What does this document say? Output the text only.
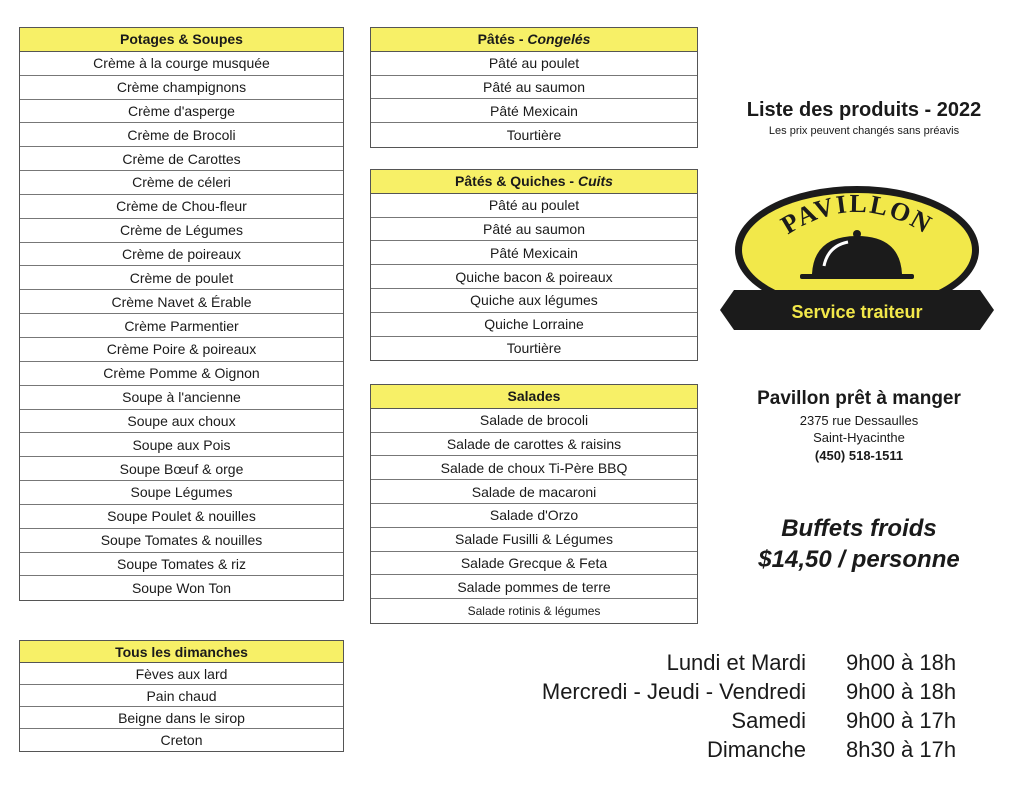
Potages & Soupes
Crème à la courge musquée
Crème champignons
Crème d'asperge
Crème de Brocoli
Crème de Carottes
Crème de céleri
Crème de Chou-fleur
Crème de Légumes
Crème de poireaux
Crème de poulet
Crème Navet & Érable
Crème Parmentier
Crème Poire & poireaux
Crème Pomme & Oignon
Soupe à l'ancienne
Soupe aux choux
Soupe aux Pois
Soupe Bœuf & orge
Soupe Légumes
Soupe Poulet & nouilles
Soupe Tomates & nouilles
Soupe Tomates & riz
Soupe Won Ton
Pâtés -
Congelés
Pâté au poulet
Pâté au saumon
Pâté Mexicain
Tourtière
Pâtés & Quiches -
Cuits
Pâté au poulet
Pâté au saumon
Pâté Mexicain
Quiche bacon & poireaux
Quiche aux légumes
Quiche Lorraine
Tourtière
Salades
Salade de brocoli
Salade de carottes & raisins
Salade de choux Ti-Père BBQ
Salade de macaroni
Salade d'Orzo
Salade Fusilli & Légumes
Salade Grecque & Feta
Salade pommes de terre
Salade rotinis & légumes
Tous les dimanches
Fèves aux lard
Pain chaud
Beigne dans le sirop
Creton
Liste des produits - 2022
Les prix peuvent changés sans préavis
PAVILLON
Service traiteur
Pavillon prêt à manger
2375 rue Dessaulles
Saint-Hyacinthe
(450) 518-1511
Buffets froids
$14,50 / personne
Lundi et Mardi	9h00 à 18h
Mercredi - Jeudi - Vendredi	9h00 à 18h
Samedi	9h00 à 17h
Dimanche	8h30 à 17h
